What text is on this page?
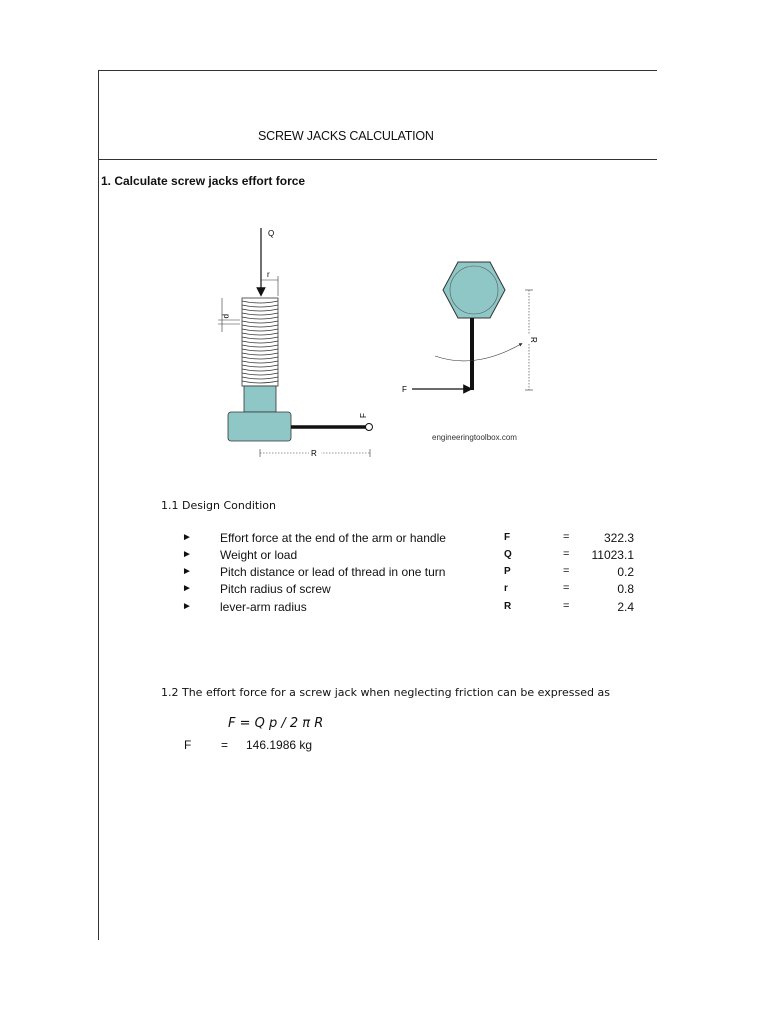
SCREW JACKS CALCULATION
1. Calculate screw jacks effort force
Q
r
p
F
R
F
R
engineeringtoolbox.com
1.1 Design Condition
► Effort force at the end of the arm or handle	F	=	322.3
► Weight or load	Q	=	11023.1
► Pitch distance or lead of thread in one turn	P	=	0.2
► Pitch radius of screw	r	=	0.8
► lever-arm radius	R	=	2.4
1.2 The effort force for a screw jack when neglecting friction can be expressed as
F = Q p / 2 π R
F = 146.1986 kg
